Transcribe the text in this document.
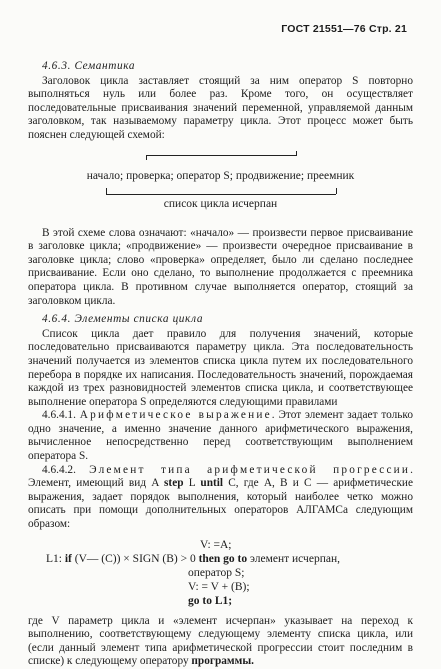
ГОСТ 21551—76 Стр. 21

4.6.3. Семантика

Заголовок цикла заставляет стоящий за ним оператор S повторно выполняться нуль или более раз. Кроме того, он осуществляет последовательные присваивания значений переменной, управляемой данным заголовком, так называемому параметру цикла. Этот процесс может быть пояснен следующей схемой:

начало; проверка; оператор S; продвижение; преемник
список цикла исчерпан

В этой схеме слова означают: «начало» — произвести первое присваивание в заголовке цикла; «продвижение» — произвести очередное присваивание в заголовке цикла; слово «проверка» определяет, было ли сделано последнее присваивание. Если оно сделано, то выполнение продолжается с преемника оператора цикла. В противном случае выполняется оператор, стоящий за заголовком цикла.

4.6.4. Элементы списка цикла

Список цикла дает правило для получения значений, которые последовательно присваиваются параметру цикла. Эта последовательность значений получается из элементов списка цикла путем их последовательного перебора в порядке их написания. Последовательность значений, порождаемая каждой из трех разновидностей элементов списка цикла, и соответствующее выполнение оператора S определяются следующими правилами

4.6.4.1. Арифметическое выражение. Этот элемент задает только одно значение, а именно значение данного арифметического выражения, вычисленное непосредственно перед соответствующим выполнением оператора S.

4.6.4.2. Элемент типа арифметической прогрессии. Элемент, имеющий вид A step L until C, где A, B и C — арифметические выражения, задает порядок выполнения, который наиболее четко можно описать при помощи дополнительных операторов АЛГАМСа следующим образом:

V: =A;
L1: if (V— (C)) × SIGN (B) > 0 then go to элемент исчерпан,
оператор S;
V: = V + (B);
go to L1;

где V параметр цикла и «элемент исчерпан» указывает на переход к выполнению, соответствующему следующему элементу списка цикла, или (если данный элемент типа арифметической прогрессии стоит последним в списке) к следующему оператору программы.
